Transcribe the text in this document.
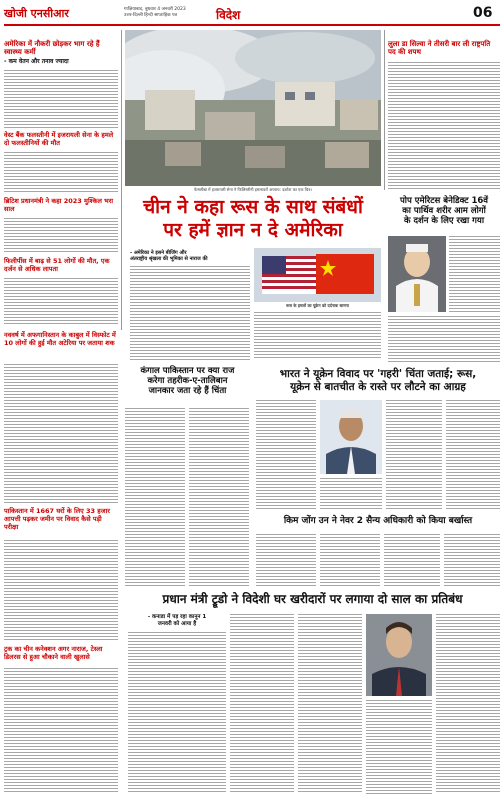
खोजी एनसीआर	गाज़ियाबाद, बुधवार 4 जनवरी 2023
उत्तर-दिल्ली हिन्दी साप्ताहिक पत्र	विदेश	06
अमेरिका में नौकरी छोड़कर भाग रहे हैं स्वास्थ्य कर्मी
- कम वेतन और तनाव ज्यादा
वेस्ट बैंक फलस्तीनी में इजरायली सेना के हमले दो फलस्तीनियों की मौत
ब्रिटिश प्रधानमंत्री ने कहा 2023 मुश्किल भरा साल
फिलीपींस में बाढ़ से 51 लोगों की मौत, एक दर्जन से अधिक लापता
नववर्ष में अफगानिस्तान के काबुल में विस्फोट में 10 लोगों की हुई मौत अटेरिया पर जताया शक
पाकिस्तान में 1667 घरों के लिए 33 हजार आपत्ती पढ़कर जमीन पर विवाद कैसे पड़ी परीक्षा
ट्रक का चीन कनेक्शन अगर नाराज, टेस्ला डिलरस से हुआ चौकाने वाली खुलासे
फेसलीबा में इजरायली सेना ने फिलिस्तीनी हमलावरों अपराध: दर्शाता का एक चित्र।
लुला डा सिल्वा ने तीसरी बार ली राष्ट्रपति पद की शपथ
चीन ने कहा रूस के साथ संबंधों
पर हमें ज्ञान न दे अमेरिका
- अमेरिका ने इसने बीजिंग और
अंतराष्ट्रीय श्रृंखला की भूमिका से नाराज की
रूस के हमलों का यूक्रेन को दर्दनाक सामना
पोप एमेरिटस बेनेडिक्ट 16वें
का पार्थिव शरीर आम लोगों
के दर्शन के लिए रखा गया
कंगाल पाकिस्तान पर क्या राज
करेगा तहरीक-ए-तालिबान
जानकार जता रहे हैं चिंता
भारत ने यूक्रेन विवाद पर 'गहरी' चिंता जताई; रूस,
यूक्रेन से बातचीत के रास्ते पर लौटने का आग्रह
किम जोंग उन ने नेवर 2 सैन्य अधिकारी को किया बर्खास्त
प्रधान मंत्री ट्रूडो ने विदेशी घर खरीदारों पर लगाया दो साल का प्रतिबंध
- कनाडा में पड़ रहा कानून 1
जनवरी को आया है
